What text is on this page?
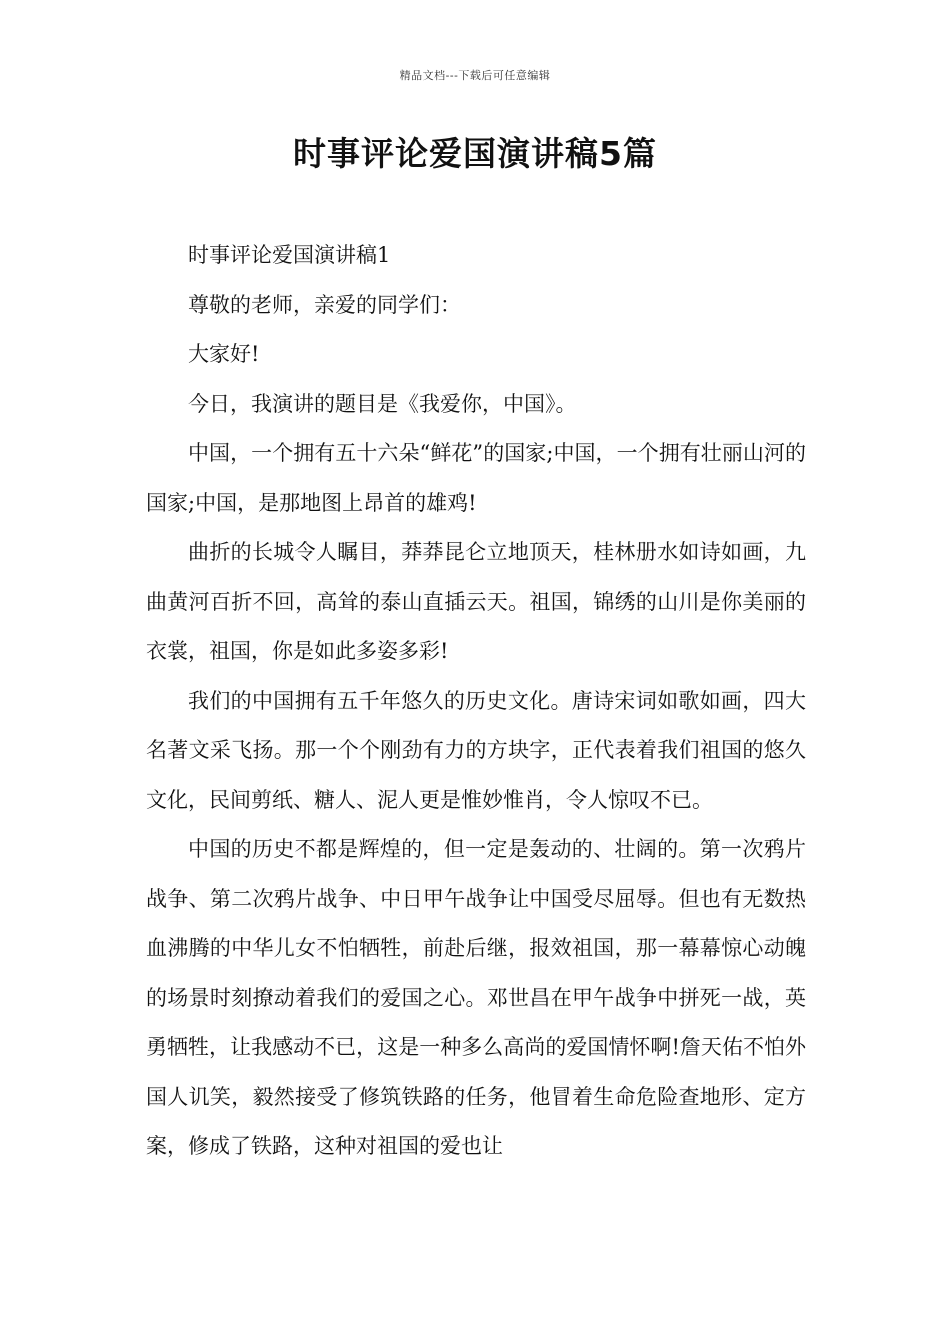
精品文档---下载后可任意编辑
时事评论爱国演讲稿5篇

时事评论爱国演讲稿1

尊敬的老师，亲爱的同学们：

大家好!

今日，我演讲的题目是《我爱你，中国》。

中国，一个拥有五十六朵“鲜花”的国家;中国，一个拥有壮丽山河的国家;中国，是那地图上昂首的雄鸡!

曲折的长城令人瞩目，莽莽昆仑立地顶天，桂林册水如诗如画，九曲黄河百折不回，高耸的泰山直插云天。祖国，锦绣的山川是你美丽的衣裳，祖国，你是如此多姿多彩!

我们的中国拥有五千年悠久的历史文化。唐诗宋词如歌如画，四大名著文采飞扬。那一个个刚劲有力的方块字，正代表着我们祖国的悠久文化，民间剪纸、糖人、泥人更是惟妙惟肖，令人惊叹不已。

中国的历史不都是辉煌的，但一定是轰动的、壮阔的。第一次鸦片战争、第二次鸦片战争、中日甲午战争让中国受尽屈辱。但也有无数热血沸腾的中华儿女不怕牺牲，前赴后继，报效祖国，那一幕幕惊心动魄的场景时刻撩动着我们的爱国之心。邓世昌在甲午战争中拼死一战，英勇牺牲，让我感动不已，这是一种多么高尚的爱国情怀啊!詹天佑不怕外国人讥笑，毅然接受了修筑铁路的任务，他冒着生命危险查地形、定方案，修成了铁路，这种对祖国的爱也让
